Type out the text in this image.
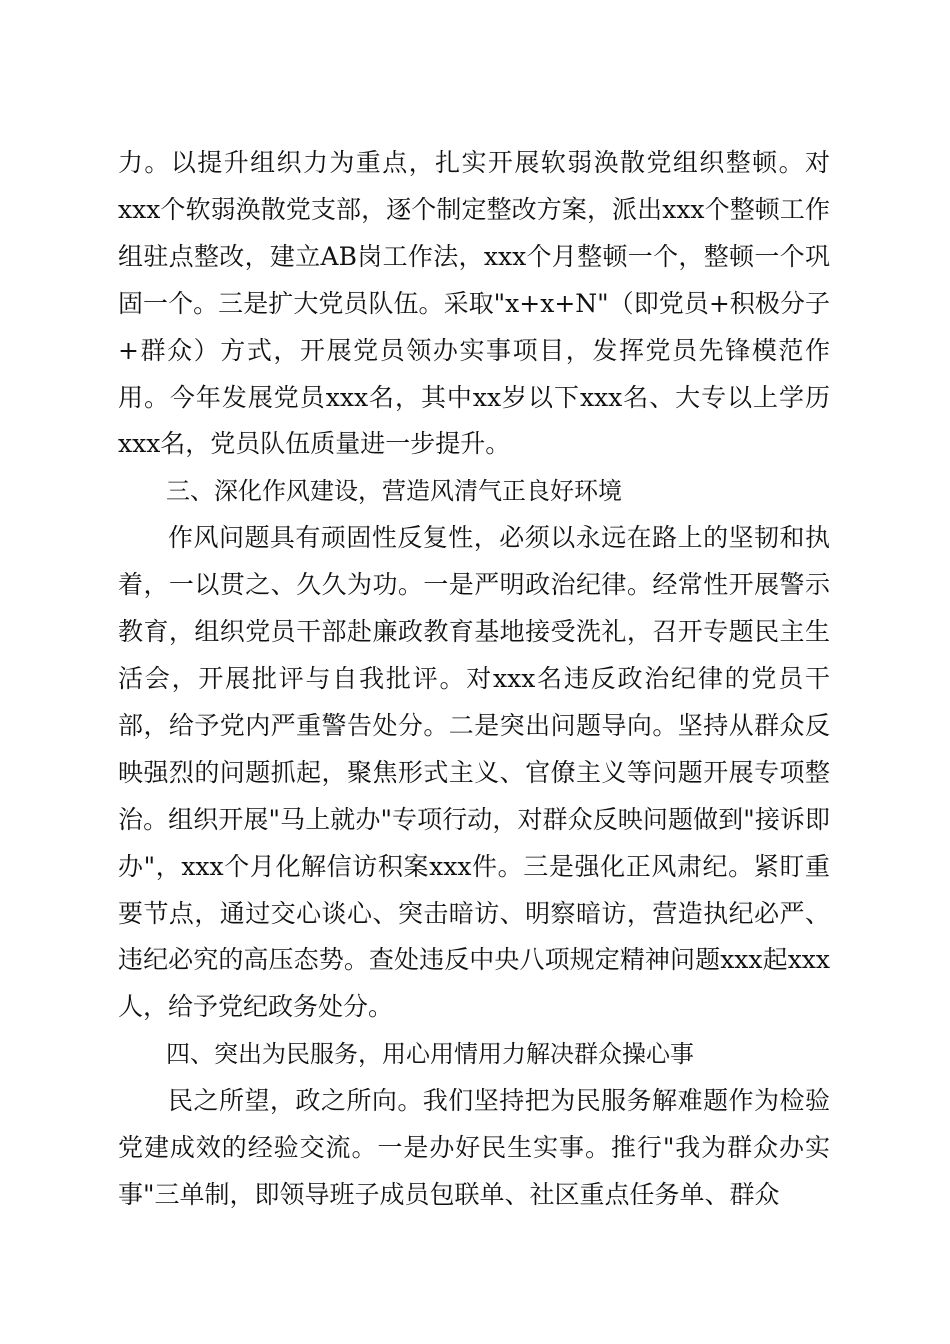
力。以提升组织力为重点，扎实开展软弱涣散党组织整顿。对xxx个软弱涣散党支部，逐个制定整改方案，派出xxx个整顿工作组驻点整改，建立AB岗工作法，xxx个月整顿一个，整顿一个巩固一个。三是扩大党员队伍。采取"x+x+N"（即党员+积极分子+群众）方式，开展党员领办实事项目，发挥党员先锋模范作用。今年发展党员xxx名，其中xx岁以下xxx名、大专以上学历xxx名，党员队伍质量进一步提升。

三、深化作风建设，营造风清气正良好环境

作风问题具有顽固性反复性，必须以永远在路上的坚韧和执着，一以贯之、久久为功。一是严明政治纪律。经常性开展警示教育，组织党员干部赴廉政教育基地接受洗礼，召开专题民主生活会，开展批评与自我批评。对xxx名违反政治纪律的党员干部，给予党内严重警告处分。二是突出问题导向。坚持从群众反映强烈的问题抓起，聚焦形式主义、官僚主义等问题开展专项整治。组织开展"马上就办"专项行动，对群众反映问题做到"接诉即办"，xxx个月化解信访积案xxx件。三是强化正风肃纪。紧盯重要节点，通过交心谈心、突击暗访、明察暗访，营造执纪必严、违纪必究的高压态势。查处违反中央八项规定精神问题xxx起xxx人，给予党纪政务处分。

四、突出为民服务，用心用情用力解决群众操心事

民之所望，政之所向。我们坚持把为民服务解难题作为检验党建成效的经验交流。一是办好民生实事。推行"我为群众办实事"三单制，即领导班子成员包联单、社区重点任务单、群众
